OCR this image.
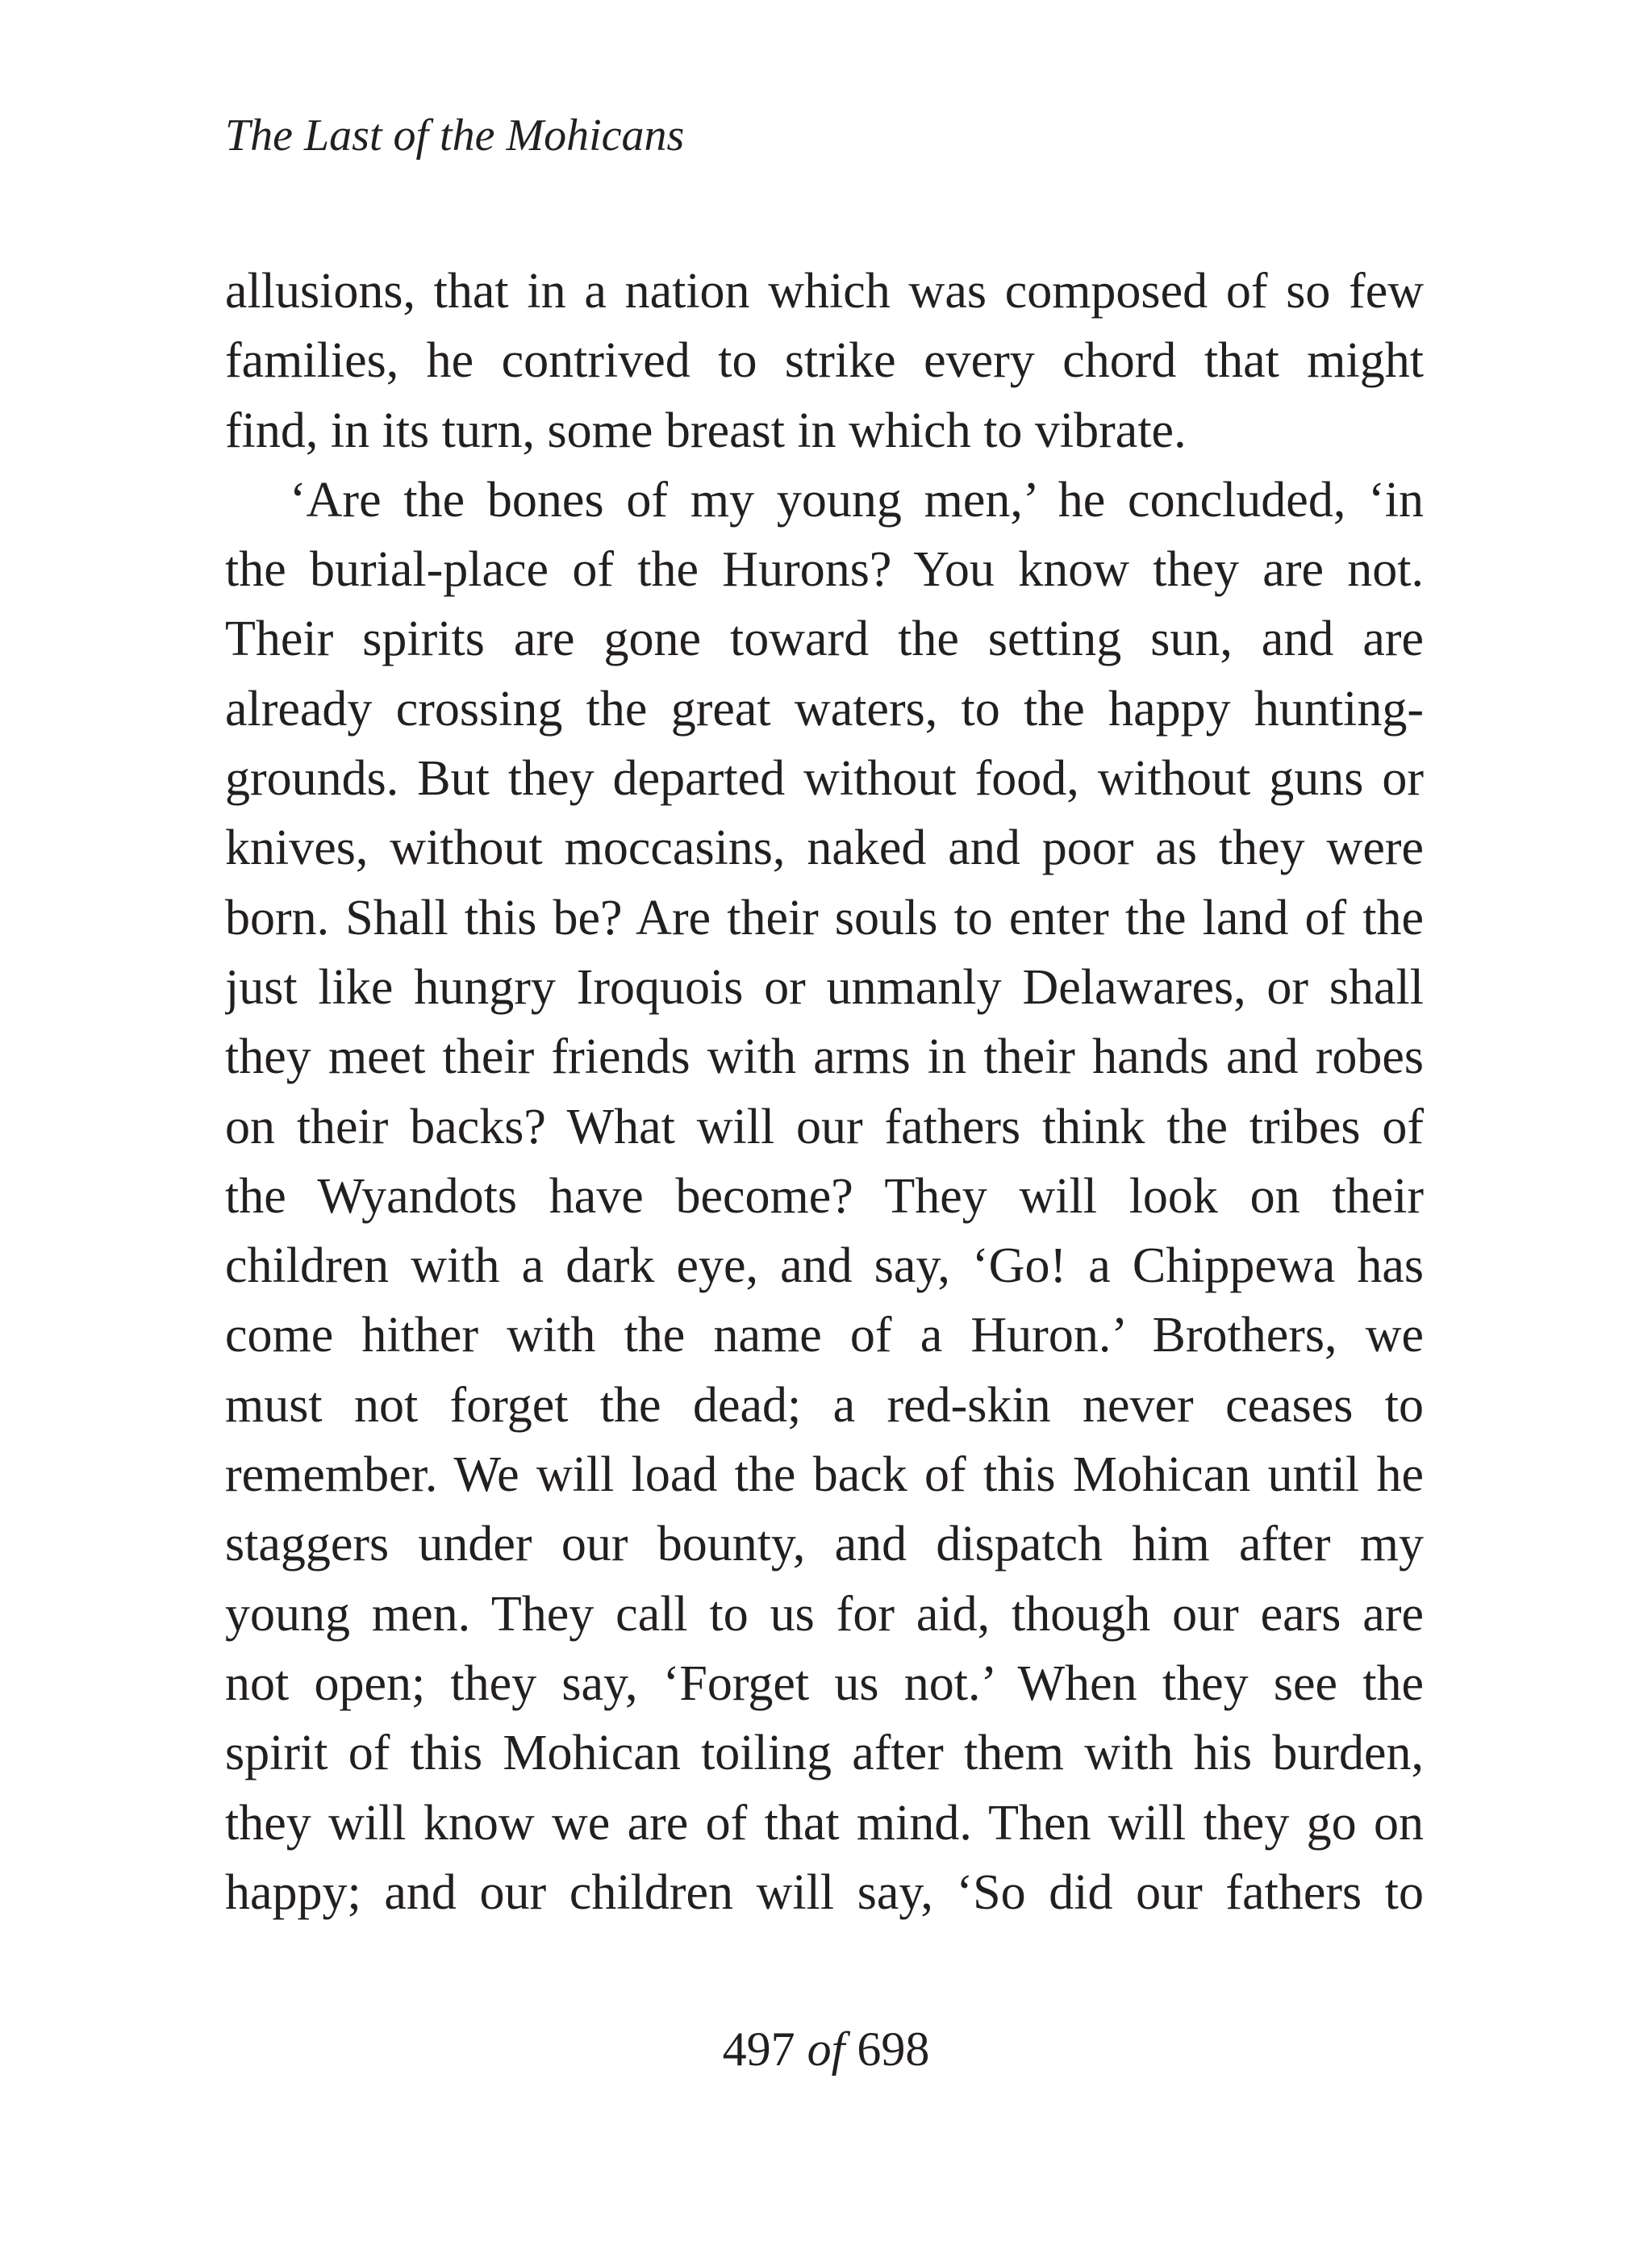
The Last of the Mohicans
allusions, that in a nation which was composed of so few
families, he contrived to strike every chord that might
find, in its turn, some breast in which to vibrate.
‘Are the bones of my young men,’ he concluded, ‘in
the burial-place of the Hurons? You know they are not.
Their spirits are gone toward the setting sun, and are
already crossing the great waters, to the happy hunting-
grounds. But they departed without food, without guns or
knives, without moccasins, naked and poor as they were
born. Shall this be? Are their souls to enter the land of the
just like hungry Iroquois or unmanly Delawares, or shall
they meet their friends with arms in their hands and robes
on their backs? What will our fathers think the tribes of
the Wyandots have become? They will look on their
children with a dark eye, and say, ‘Go! a Chippewa has
come hither with the name of a Huron.’ Brothers, we
must not forget the dead; a red-skin never ceases to
remember. We will load the back of this Mohican until he
staggers under our bounty, and dispatch him after my
young men. They call to us for aid, though our ears are
not open; they say, ‘Forget us not.’ When they see the
spirit of this Mohican toiling after them with his burden,
they will know we are of that mind. Then will they go on
happy; and our children will say, ‘So did our fathers to
497 of 698
